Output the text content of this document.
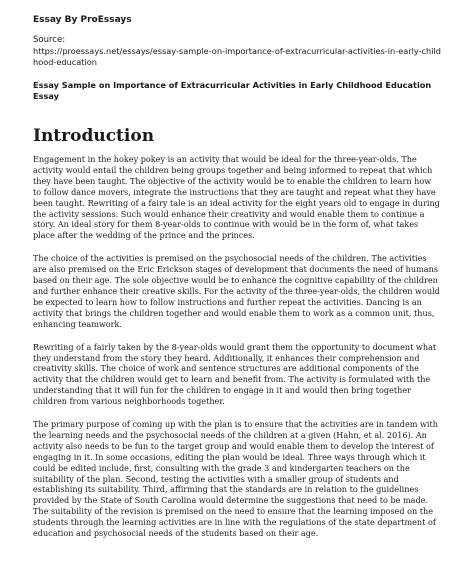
Essay By ProEssays
Source:
https://proessays.net/essays/essay-sample-on-importance-of-extracurricular-activities-in-early-childhood-education
Essay Sample on Importance of Extracurricular Activities in Early Childhood Education Essay
Introduction

Engagement in the hokey pokey is an activity that would be ideal for the three-year-olds. The activity would entail the children being groups together and being informed to repeat that which they have been taught. The objective of the activity would be to enable the children to learn how to follow dance movers, integrate the instructions that they are taught and repeat what they have been taught. Rewriting of a fairy tale is an ideal activity for the eight years old to engage in during the activity sessions. Such would enhance their creativity and would enable them to continue a story. An ideal story for them 8-year-olds to continue with would be in the form of, what takes place after the wedding of the prince and the princes.

The choice of the activities is premised on the psychosocial needs of the children. The activities are also premised on the Eric Erickson stages of development that documents the need of humans based on their age. The sole objective would be to enhance the cognitive capability of the children and further enhance their creative skills. For the activity of the three-year-olds, the children would be expected to learn how to follow instructions and further repeat the activities. Dancing is an activity that brings the children together and would enable them to work as a common unit, thus, enhancing teamwork.

Rewriting of a fairly taken by the 8-year-olds would grant them the opportunity to document what they understand from the story they heard. Additionally, it enhances their comprehension and creativity skills. The choice of work and sentence structures are additional components of the activity that the children would get to learn and benefit from. The activity is formulated with the understanding that it will fun for the children to engage in it and would then bring together children from various neighborhoods together.

The primary purpose of coming up with the plan is to ensure that the activities are in tandem with the learning needs and the psychosocial needs of the children at a given (Hahn, et al. 2016). An activity also needs to be fun to the target group and would enable them to develop the interest of engaging in it. In some occasions, editing the plan would be ideal. Three ways through which it could be edited include, first, consulting with the grade 3 and kindergarten teachers on the suitability of the plan. Second, testing the activities with a smaller group of students and establishing its suitability. Third, affirming that the standards are in relation to the guidelines provided by the State of South Carolina would determine the suggestions that need to be made. The suitability of the revision is premised on the need to ensure that the learning imposed on the students through the learning activities are in line with the regulations of the state department of education and psychosocial needs of the students based on their age.
